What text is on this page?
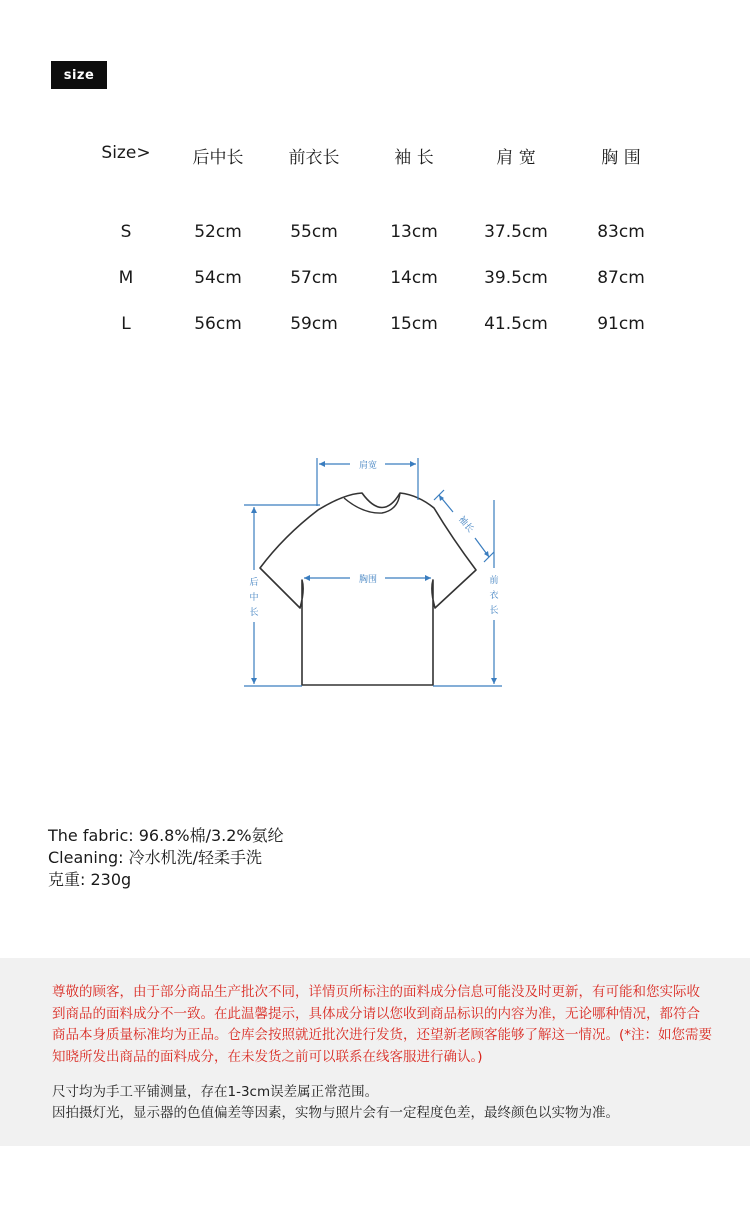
size
Size>	后中长	前衣长	袖 长	肩 宽	胸 围
S	52cm	55cm	13cm	37.5cm	83cm
M	54cm	57cm	14cm	39.5cm	87cm
L	56cm	59cm	15cm	41.5cm	91cm
肩宽
袖长
胸围
后
中
长
前
衣
长
The fabric: 96.8%棉/3.2%氨纶
Cleaning: 冷水机洗/轻柔手洗
克重: 230g
尊敬的顾客，由于部分商品生产批次不同，详情页所标注的面料成分信息可能没及时更新，有可能和您实际收到商品的面料成分不一致。在此温馨提示，具体成分请以您收到商品标识的内容为准，无论哪种情况，都符合商品本身质量标准均为正品。仓库会按照就近批次进行发货，还望新老顾客能够了解这一情况。(*注：如您需要知晓所发出商品的面料成分，在未发货之前可以联系在线客服进行确认。)
尺寸均为手工平铺测量，存在1-3cm误差属正常范围。
因拍摄灯光，显示器的色值偏差等因素，实物与照片会有一定程度色差，最终颜色以实物为准。
